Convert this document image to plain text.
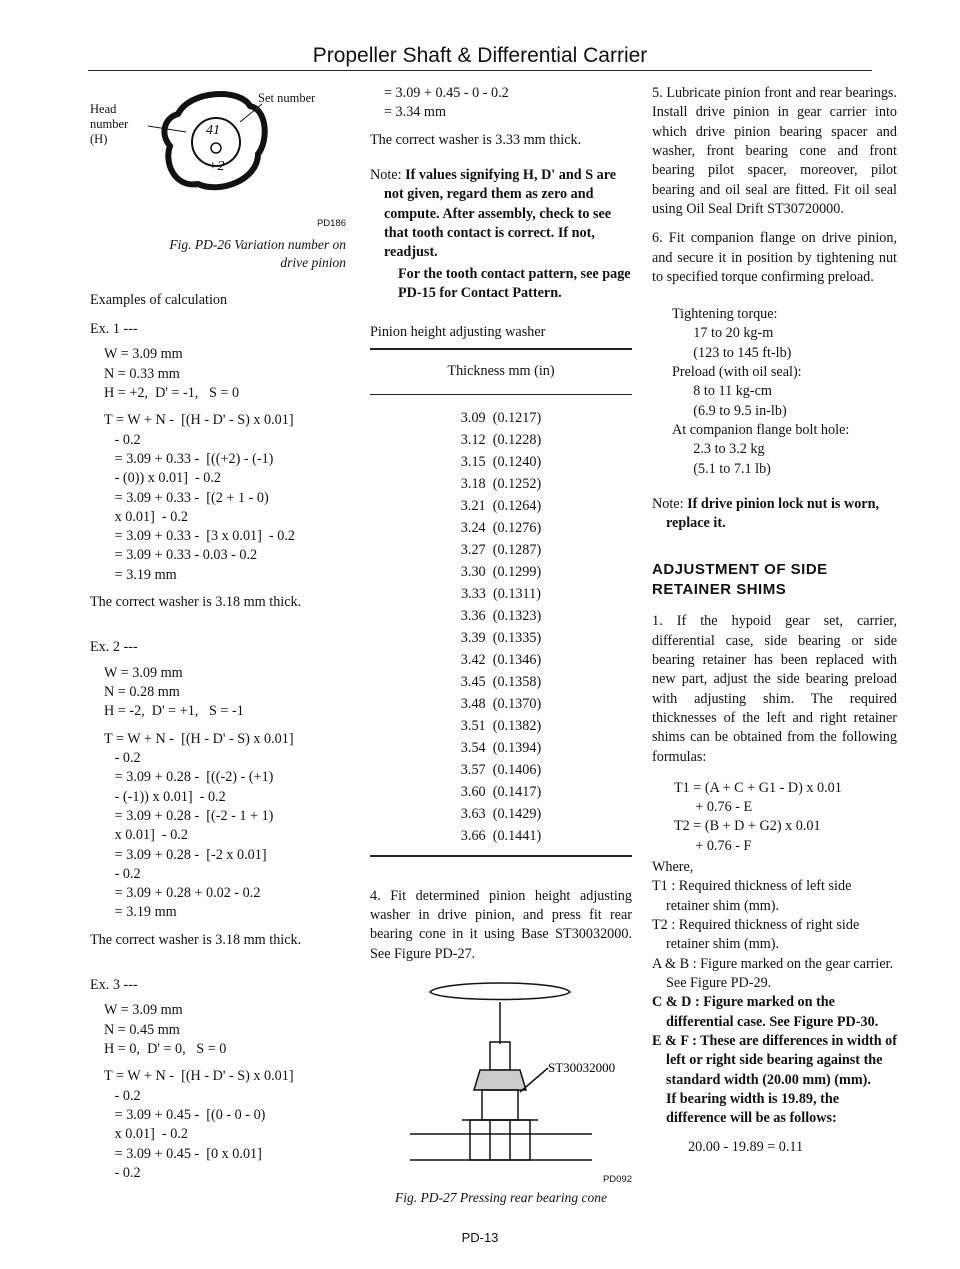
Propeller Shaft & Differential Carrier
Head
number
(H)
Set number
41
+2
PD186
Fig. PD-26 Variation number on
drive pinion

Examples of calculation

Ex. 1 ---

W = 3.09 mm

N = 0.33 mm

H = +2,  D' = -1,   S = 0

T = W + N -  [(H - D' - S) x 0.01]

- 0.2

= 3.09 + 0.33 -  [((+2) - (-1)

- (0)) x 0.01]  - 0.2

= 3.09 + 0.33 -  [(2 + 1 - 0)

x 0.01]  - 0.2

= 3.09 + 0.33 -  [3 x 0.01]  - 0.2

= 3.09 + 0.33 - 0.03 - 0.2

= 3.19 mm

The correct washer is 3.18 mm thick.

Ex. 2 ---

W = 3.09 mm

N = 0.28 mm

H = -2,  D' = +1,   S = -1

T = W + N -  [(H - D' - S) x 0.01]

- 0.2

= 3.09 + 0.28 -  [((-2) - (+1)

- (-1)) x 0.01]  - 0.2

= 3.09 + 0.28 -  [(-2 - 1 + 1)

x 0.01]  - 0.2

= 3.09 + 0.28 -  [-2 x 0.01]

- 0.2

= 3.09 + 0.28 + 0.02 - 0.2

= 3.19 mm

The correct washer is 3.18 mm thick.

Ex. 3 ---

W = 3.09 mm

N = 0.45 mm

H = 0,  D' = 0,   S = 0

T = W + N -  [(H - D' - S) x 0.01]

- 0.2

= 3.09 + 0.45 -  [(0 - 0 - 0)

x 0.01]  - 0.2

= 3.09 + 0.45 -  [0 x 0.01]

- 0.2

= 3.09 + 0.45 - 0 - 0.2

= 3.34 mm

The correct washer is 3.33 mm thick.

Note: If values signifying H, D' and S are not given, regard them as zero and compute. After assembly, check to see that tooth contact is correct. If not, readjust.
For the tooth contact pattern, see page PD-15 for Contact Pattern.

Pinion height adjusting washer

Thickness mm (in)

3.09  (0.1217)

3.12  (0.1228)

3.15  (0.1240)

3.18  (0.1252)

3.21  (0.1264)

3.24  (0.1276)

3.27  (0.1287)

3.30  (0.1299)

3.33  (0.1311)

3.36  (0.1323)

3.39  (0.1335)

3.42  (0.1346)

3.45  (0.1358)

3.48  (0.1370)

3.51  (0.1382)

3.54  (0.1394)

3.57  (0.1406)

3.60  (0.1417)

3.63  (0.1429)

3.66  (0.1441)

4. Fit determined pinion height adjusting washer in drive pinion, and press fit rear bearing cone in it using Base ST30032000. See Figure PD-27.

ST30032000
PD092
Fig. PD-27 Pressing rear bearing cone

5. Lubricate pinion front and rear bearings. Install drive pinion in gear carrier into which drive pinion bearing spacer and washer, front bearing cone and front bearing pilot spacer, moreover, pilot bearing and oil seal are fitted. Fit oil seal using Oil Seal Drift ST30720000.

6. Fit companion flange on drive pinion, and secure it in position by tightening nut to specified torque confirming preload.

Tightening torque:

17 to 20 kg-m

(123 to 145 ft-lb)

Preload (with oil seal):

8 to 11 kg-cm

(6.9 to 9.5 in-lb)

At companion flange bolt hole:

2.3 to 3.2 kg

(5.1 to 7.1 lb)

Note: If drive pinion lock nut is worn, replace it.
ADJUSTMENT OF SIDE
RETAINER SHIMS

1. If the hypoid gear set, carrier, differential case, side bearing or side bearing retainer has been replaced with new part, adjust the side bearing preload with adjusting shim. The required thicknesses of the left and right retainer shims can be obtained from the following formulas:

T1 = (A + C + G1 - D) x 0.01

+ 0.76 - E

T2 = (B + D + G2) x 0.01

+ 0.76 - F

Where,

T1 : Required thickness of left side retainer shim (mm).
T2 : Required thickness of right side retainer shim (mm).
A & B : Figure marked on the gear carrier. See Figure PD-29.
C & D : Figure marked on the differential case. See Figure PD-30.
E & F : These are differences in width of left or right side bearing against the standard width (20.00 mm) (mm).

If bearing width is 19.89, the difference will be as follows:

20.00 - 19.89 = 0.11

PD-13
